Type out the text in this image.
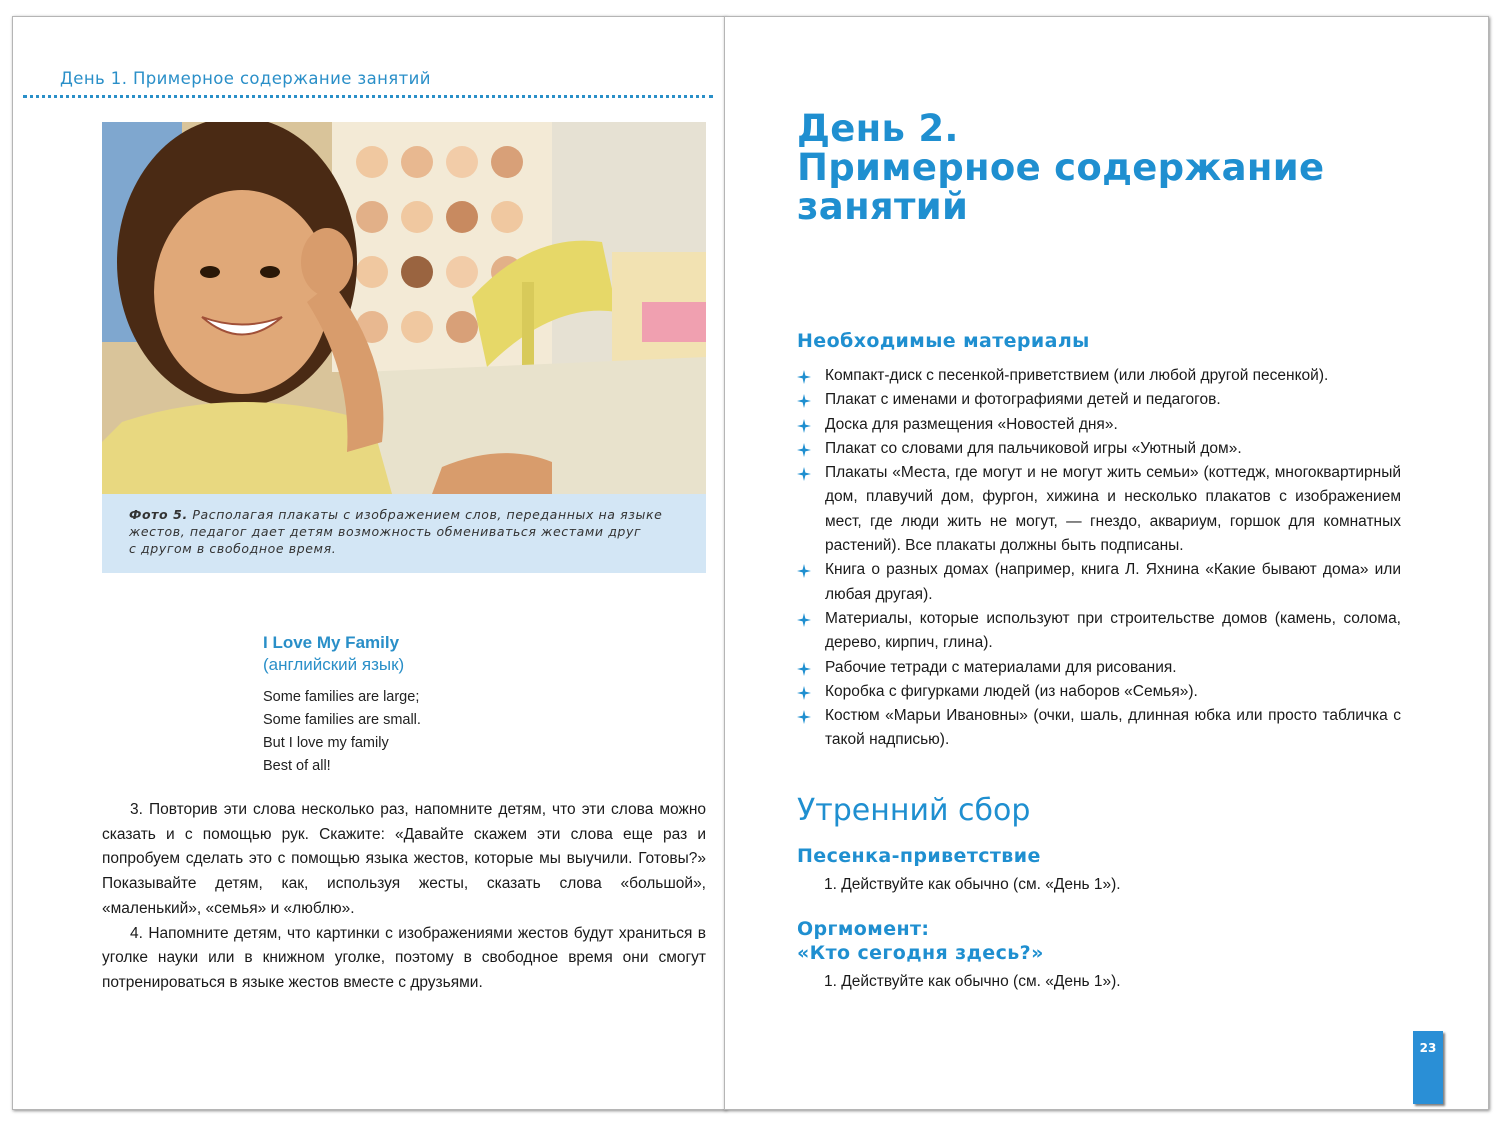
День 1. Примерное содержание занятий
Фото 5. Располагая плакаты с изображением слов, переданных на языке
жестов, педагог дает детям возможность обмениваться жестами друг
с другом в свободное время.
I Love My Family
(английский язык)
Some families are large;
Some families are small.
But I love my family
Best of all!

3. Повторив эти слова несколько раз, напомните детям, что эти слова можно сказать и с помощью рук. Скажите: «Давайте скажем эти слова еще раз и попробуем сделать это с помощью языка жестов, которые мы выучили. Готовы?» Показывайте детям, как, используя жесты, сказать слова «большой», «маленький», «семья» и «люблю».

4. Напомните детям, что картинки с изображениями жестов будут храниться в уголке науки или в книжном уголке, поэтому в свободное время они смогут потренироваться в языке жестов вместе с друзьями.

День 2.
Примерное содержание занятий
Необходимые материалы
Компакт-диск с песенкой-приветствием (или любой другой песенкой).
Плакат с именами и фотографиями детей и педагогов.
Доска для размещения «Новостей дня».
Плакат со словами для пальчиковой игры «Уютный дом».
Плакаты «Места, где могут и не могут жить семьи» (коттедж, многоквартирный дом, плавучий дом, фургон, хижина и несколько плакатов с изображением мест, где люди жить не могут, — гнездо, аквариум, горшок для комнатных растений). Все плакаты должны быть подписаны.
Книга о разных домах (например, книга Л. Яхнина «Какие бывают дома» или любая другая).
Материалы, которые используют при строительстве домов (камень, солома, дерево, кирпич, глина).
Рабочие тетради с материалами для рисования.
Коробка с фигурками людей (из наборов «Семья»).
Костюм «Марьи Ивановны» (очки, шаль, длинная юбка или просто табличка с такой надписью).
Утренний сбор
Песенка-приветствие
1. Действуйте как обычно (см. «День 1»).
Оргмомент:
«Кто сегодня здесь?»
1. Действуйте как обычно (см. «День 1»).
23
